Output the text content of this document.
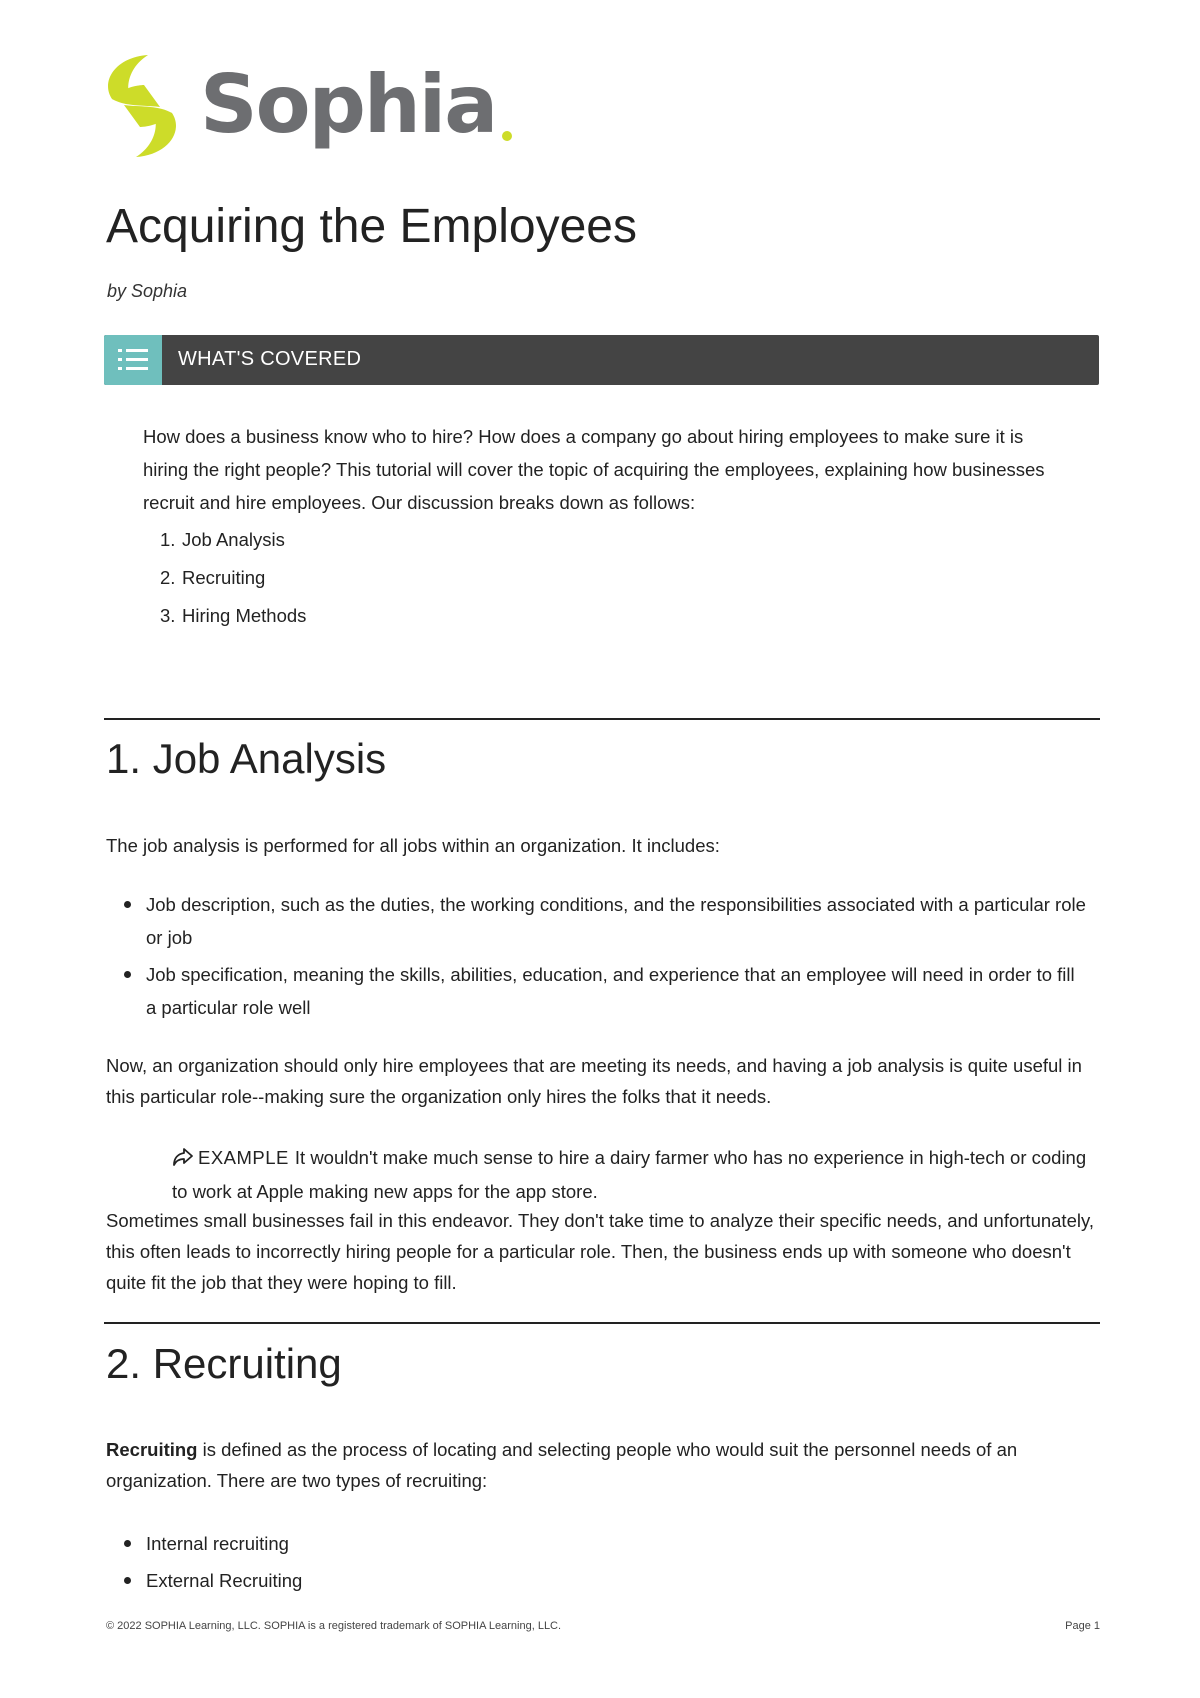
Sophia
Acquiring the Employees
by Sophia
WHAT'S COVERED
How does a business know who to hire? How does a company go about hiring employees to make sure it is hiring the right people? This tutorial will cover the topic of acquiring the employees, explaining how businesses recruit and hire employees. Our discussion breaks down as follows:
1. Job Analysis
2. Recruiting
3. Hiring Methods
1. Job Analysis
The job analysis is performed for all jobs within an organization. It includes:
Job description, such as the duties, the working conditions, and the responsibilities associated with a particular role or job
Job specification, meaning the skills, abilities, education, and experience that an employee will need in order to fill a particular role well
Now, an organization should only hire employees that are meeting its needs, and having a job analysis is quite useful in this particular role--making sure the organization only hires the folks that it needs.
EXAMPLE It wouldn't make much sense to hire a dairy farmer who has no experience in high-tech or coding to work at Apple making new apps for the app store.
Sometimes small businesses fail in this endeavor. They don't take time to analyze their specific needs, and unfortunately, this often leads to incorrectly hiring people for a particular role. Then, the business ends up with someone who doesn't quite fit the job that they were hoping to fill.
2. Recruiting
Recruiting is defined as the process of locating and selecting people who would suit the personnel needs of an organization. There are two types of recruiting:
Internal recruiting
External Recruiting
© 2022 SOPHIA Learning, LLC. SOPHIA is a registered trademark of SOPHIA Learning, LLC.	Page 1
